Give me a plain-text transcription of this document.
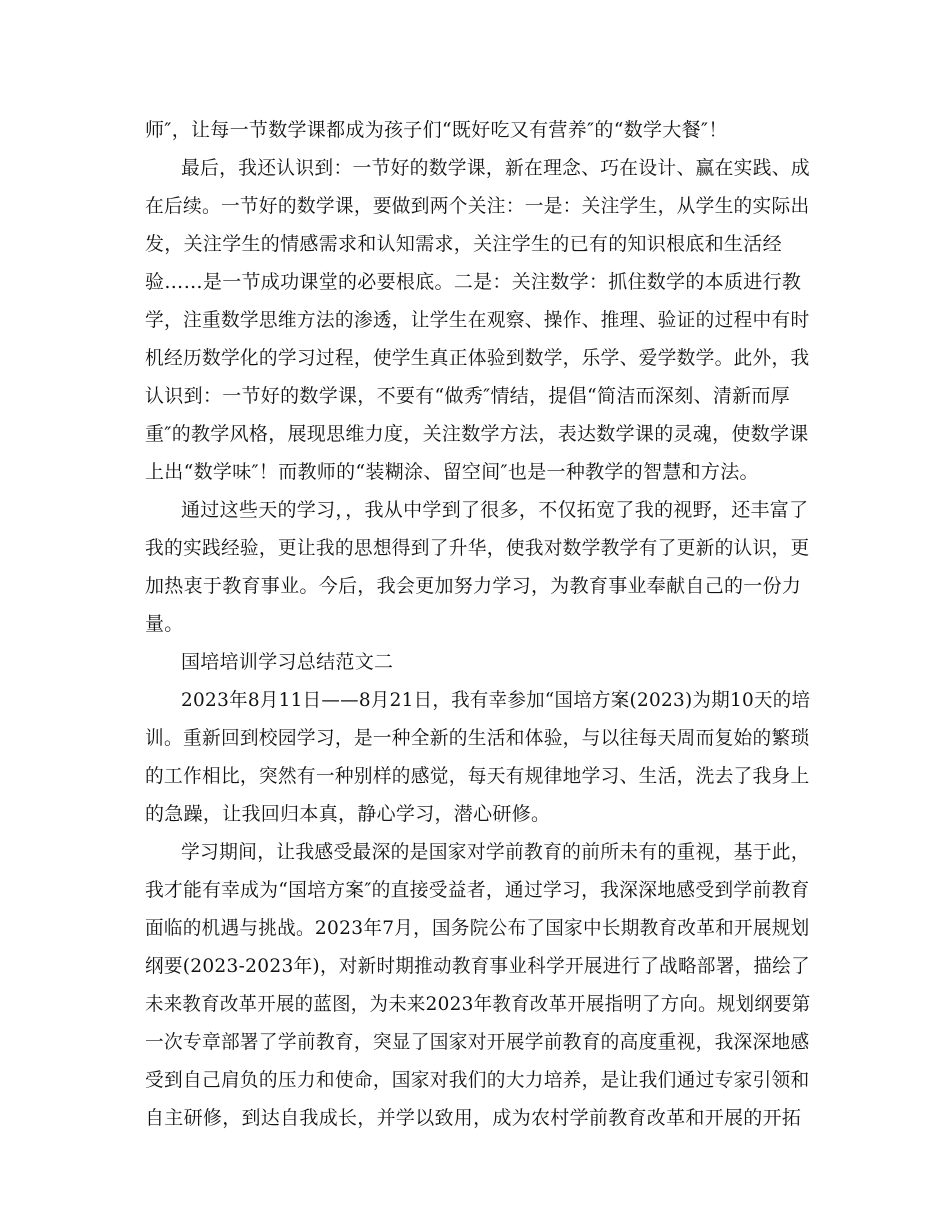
师″，让每一节数学课都成为孩子们“既好吃又有营养″的“数学大餐″！
最后，我还认识到：一节好的数学课，新在理念、巧在设计、赢在实践、成
在后续。一节好的数学课，要做到两个关注：一是：关注学生，从学生的实际出
发，关注学生的情感需求和认知需求，关注学生的已有的知识根底和生活经
验……是一节成功课堂的必要根底。二是：关注数学：抓住数学的本质进行教
学，注重数学思维方法的渗透，让学生在观察、操作、推理、验证的过程中有时
机经历数学化的学习过程，使学生真正体验到数学，乐学、爱学数学。此外，我
认识到：一节好的数学课，不要有“做秀″情结，提倡“简洁而深刻、清新而厚
重″的教学风格，展现思维力度，关注数学方法，表达数学课的灵魂，使数学课
上出“数学味″！而教师的“装糊涂、留空间″也是一种教学的智慧和方法。
通过这些天的学习，，我从中学到了很多，不仅拓宽了我的视野，还丰富了
我的实践经验，更让我的思想得到了升华，使我对数学教学有了更新的认识，更
加热衷于教育事业。今后，我会更加努力学习，为教育事业奉献自己的一份力
量。
国培培训学习总结范文二
2023年8月11日——8月21日，我有幸参加“国培方案(2023)为期10天的培
训。重新回到校园学习，是一种全新的生活和体验，与以往每天周而复始的繁琐
的工作相比，突然有一种别样的感觉，每天有规律地学习、生活，洗去了我身上
的急躁，让我回归本真，静心学习，潜心研修。
学习期间，让我感受最深的是国家对学前教育的前所未有的重视，基于此，
我才能有幸成为“国培方案″的直接受益者，通过学习，我深深地感受到学前教育
面临的机遇与挑战。2023年7月，国务院公布了国家中长期教育改革和开展规划
纲要(2023-2023年)，对新时期推动教育事业科学开展进行了战略部署，描绘了
未来教育改革开展的蓝图，为未来2023年教育改革开展指明了方向。规划纲要第
一次专章部署了学前教育，突显了国家对开展学前教育的高度重视，我深深地感
受到自己肩负的压力和使命，国家对我们的大力培养，是让我们通过专家引领和
自主研修，到达自我成长，并学以致用，成为农村学前教育改革和开展的开拓
